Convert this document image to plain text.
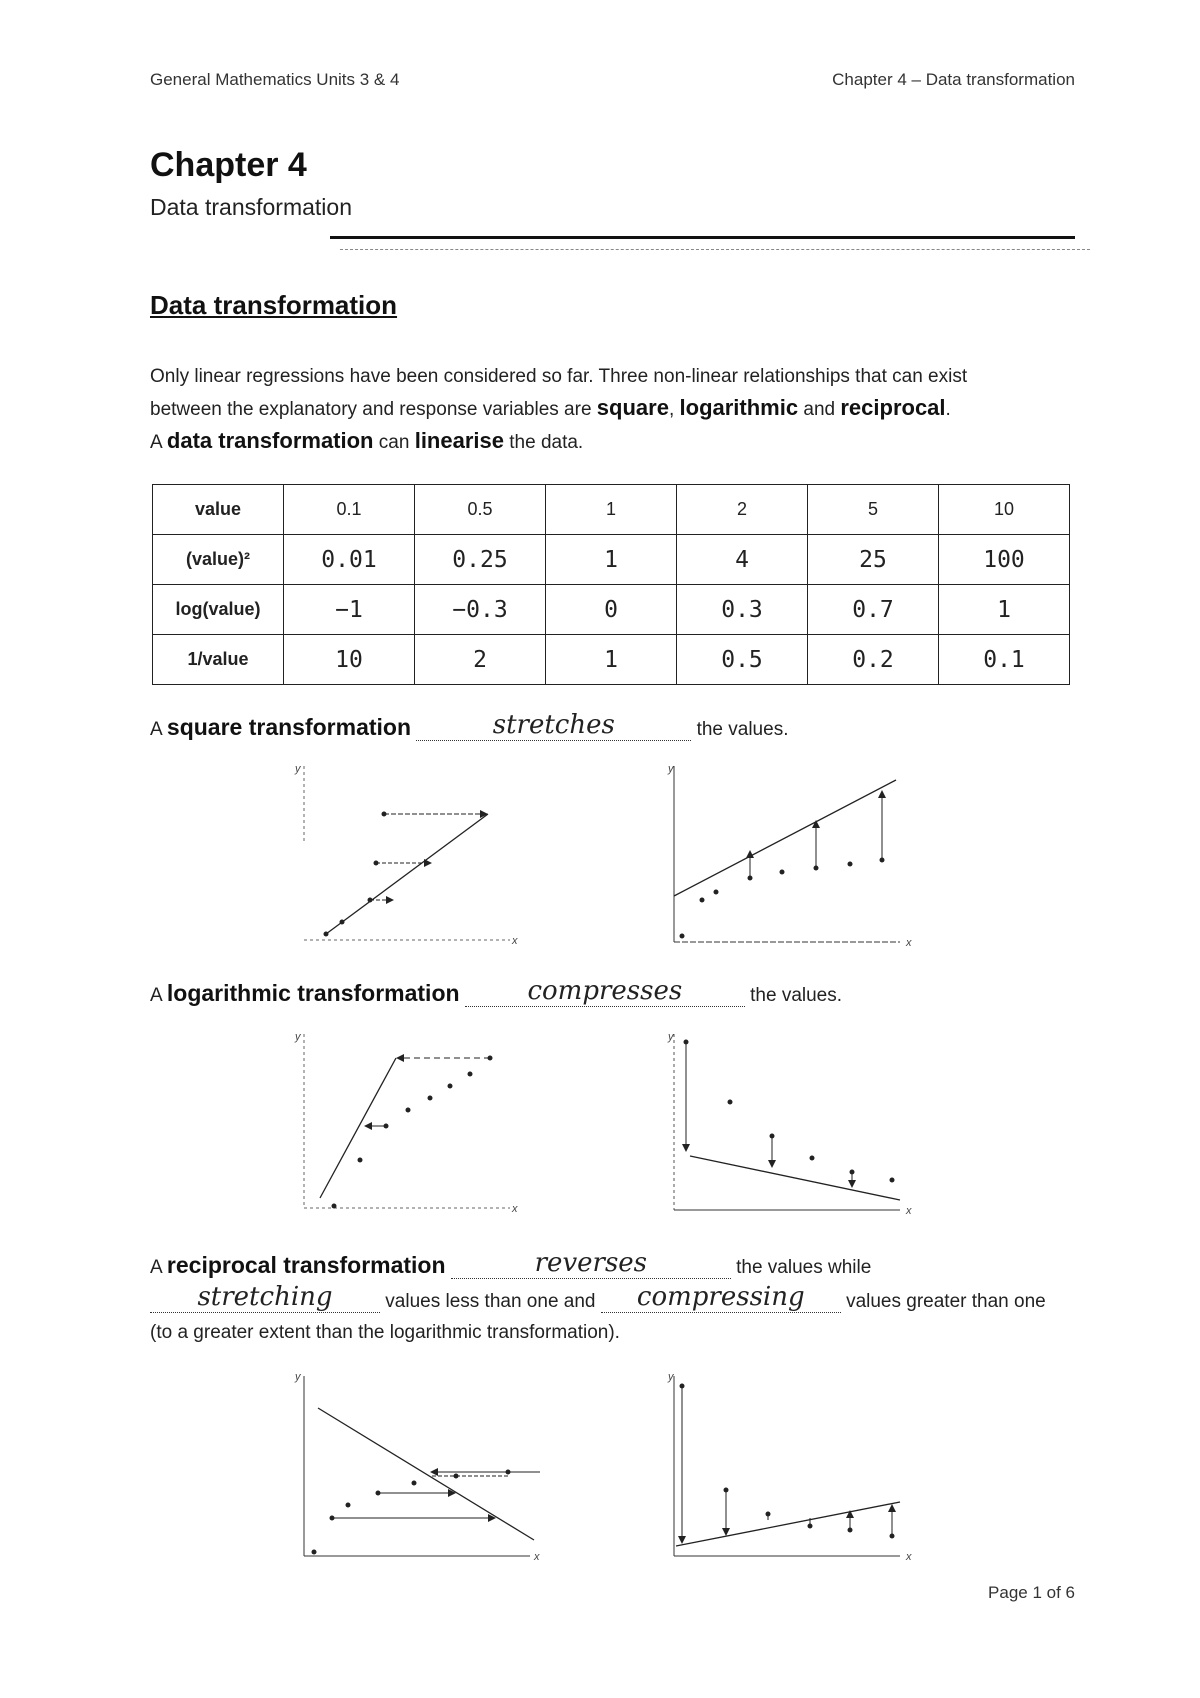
General Mathematics Units 3 & 4	Chapter 4 – Data transformation
Chapter 4
Data transformation
Data transformation
Only linear regressions have been considered so far. Three non-linear relationships that can exist
between the explanatory and response variables are square, logarithmic and reciprocal.
A data transformation can linearise the data.
value	0.1	0.5	1	2	5	10
(value)²	0.01	0.25	1	4	25	100
log(value)	−1	−0.3	0	0.3	0.7	1
1/value	10	2	1	0.5	0.2	0.1
A square transformation	stretches	the values.
y
x
y
x
A logarithmic transformation	compresses	the values.
y
x
y
x
A reciprocal transformation	reverses	the values while
stretching	values less than one and compressing values greater than one
(to a greater extent than the logarithmic transformation).
y
x
y
x
Page 1 of 6
